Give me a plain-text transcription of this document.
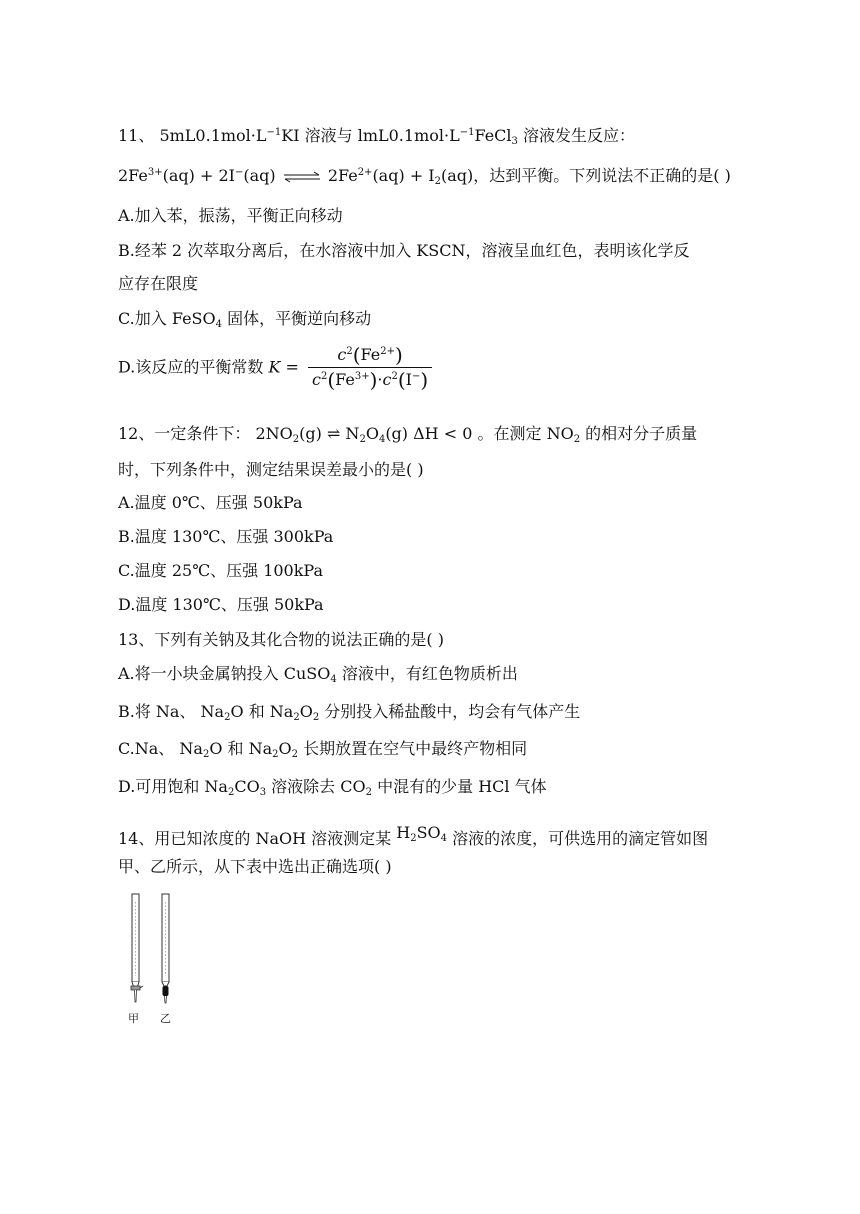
11、 $5mL0.1mol\cdot L^{-1}KI$ 溶液与 $lmL0.1mol\cdot L^{-1}FeCl_3$ 溶液发生反应：
$2Fe^{3+}(aq) + 2I^-(aq)$ ⇌ $2Fe^{2+}(aq) + I_2(aq)$，达到平衡。下列说法不正确的是( )
A.加入苯，振荡，平衡正向移动
B.经苯 2 次萃取分离后，在水溶液中加入 KSCN，溶液呈血红色，表明该化学反
应存在限度
C.加入 FeSO$_4$ 固体，平衡逆向移动
D.该反应的平衡常数 $K = \frac{c^2(Fe^{2+})}{c^2(Fe^{3+})\cdot c^2(I^-)}$
12、一定条件下： $2NO_2(g)$ ⇌ $N_2O_4(g) \Delta H < 0$ 。在测定 $NO_2$ 的相对分子质量
时，下列条件中，测定结果误差最小的是( )
A.温度 0℃、压强 50kPa
B.温度 130℃、压强 300kPa
C.温度 25℃、压强 100kPa
D.温度 130℃、压强 50kPa
13、下列有关钠及其化合物的说法正确的是( )
A.将一小块金属钠投入 CuSO$_4$ 溶液中，有红色物质析出
B.将 Na、 $Na_2O$ 和 $Na_2O_2$ 分别投入稀盐酸中，均会有气体产生
C.Na、 $Na_2O$ 和 $Na_2O_2$ 长期放置在空气中最终产物相同
D.可用饱和 $Na_2CO_3$ 溶液除去 $CO_2$ 中混有的少量 HCl 气体
14、用已知浓度的 NaOH 溶液测定某 $H_2SO_4$ 溶液的浓度，可供选用的滴定管如图
甲、乙所示，从下表中选出正确选项( )
甲 乙
